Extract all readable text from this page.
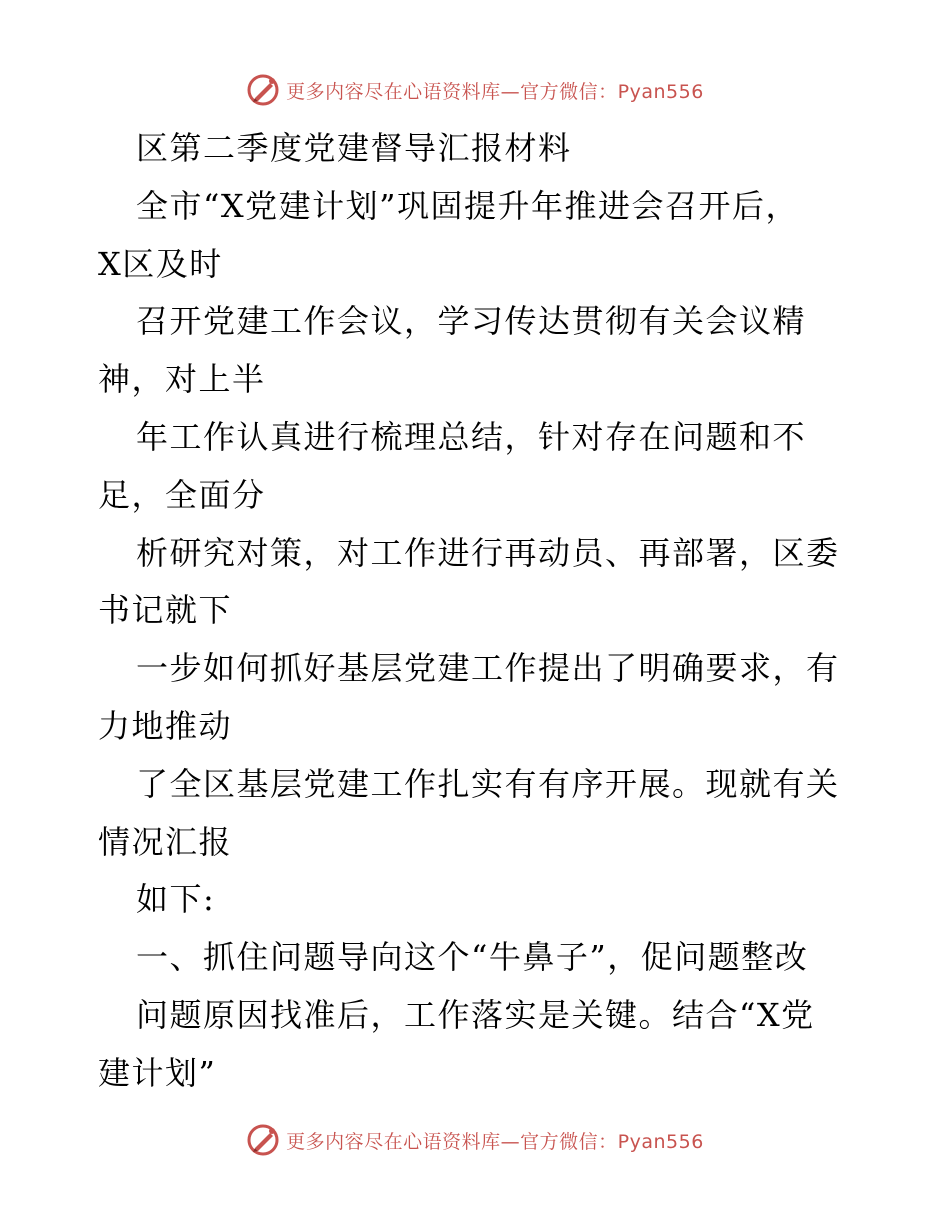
更多内容尽在心语资料库—官方微信：Pyan556
区第二季度党建督导汇报材料
全市“X党建计划”巩固提升年推进会召开后，
X区及时
召开党建工作会议，学习传达贯彻有关会议精
神，对上半
年工作认真进行梳理总结，针对存在问题和不
足，全面分
析研究对策，对工作进行再动员、再部署，区委
书记就下
一步如何抓好基层党建工作提出了明确要求，有
力地推动
了全区基层党建工作扎实有有序开展。现就有关
情况汇报
如下:
一、抓住问题导向这个“牛鼻子”，促问题整改
问题原因找准后，工作落实是关键。结合“X党
建计划”
更多内容尽在心语资料库—官方微信：Pyan556
